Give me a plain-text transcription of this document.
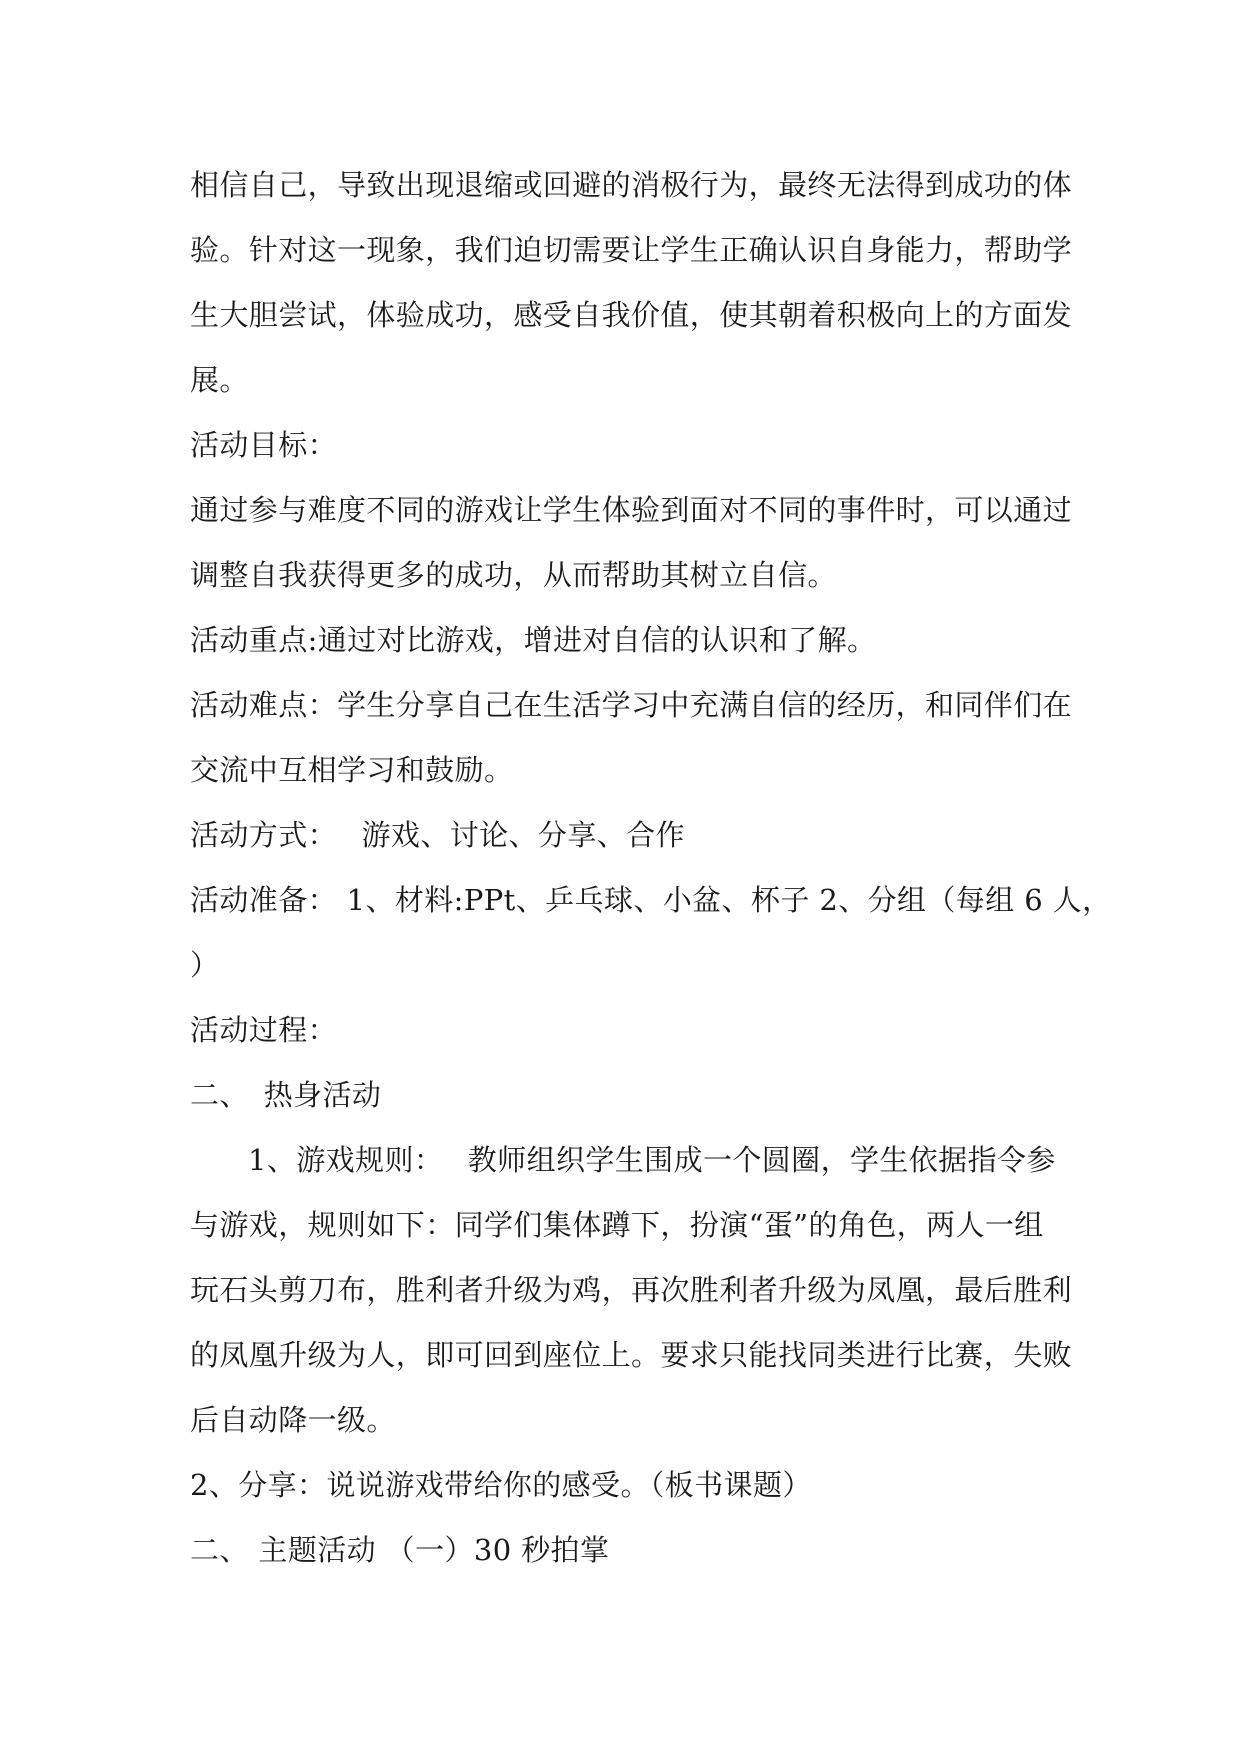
相信自己，导致出现退缩或回避的消极行为，最终无法得到成功的体
验。针对这一现象，我们迫切需要让学生正确认识自身能力，帮助学
生大胆尝试，体验成功，感受自我价值，使其朝着积极向上的方面发
展。
活动目标：
通过参与难度不同的游戏让学生体验到面对不同的事件时，可以通过
调整自我获得更多的成功，从而帮助其树立自信。
活动重点:通过对比游戏，增进对自信的认识和了解。
活动难点：学生分享自己在生活学习中充满自信的经历，和同伴们在
交流中互相学习和鼓励。
活动方式：　 游戏、讨论、分享、合作
活动准备： 1、材料:PPt、乒乓球、小盆、杯子 2、分组（每组 6 人，
）
活动过程：
二、　热身活动
1、游戏规则：　 教师组织学生围成一个圆圈，学生依据指令参
与游戏，规则如下：同学们集体蹲下，扮演“蛋”的角色，两人一组
玩石头剪刀布，胜利者升级为鸡，再次胜利者升级为凤凰，最后胜利
的凤凰升级为人，即可回到座位上。要求只能找同类进行比赛，失败
后自动降一级。
2、分享：说说游戏带给你的感受。（板书课题）
二、 主题活动 （一）30 秒拍掌
